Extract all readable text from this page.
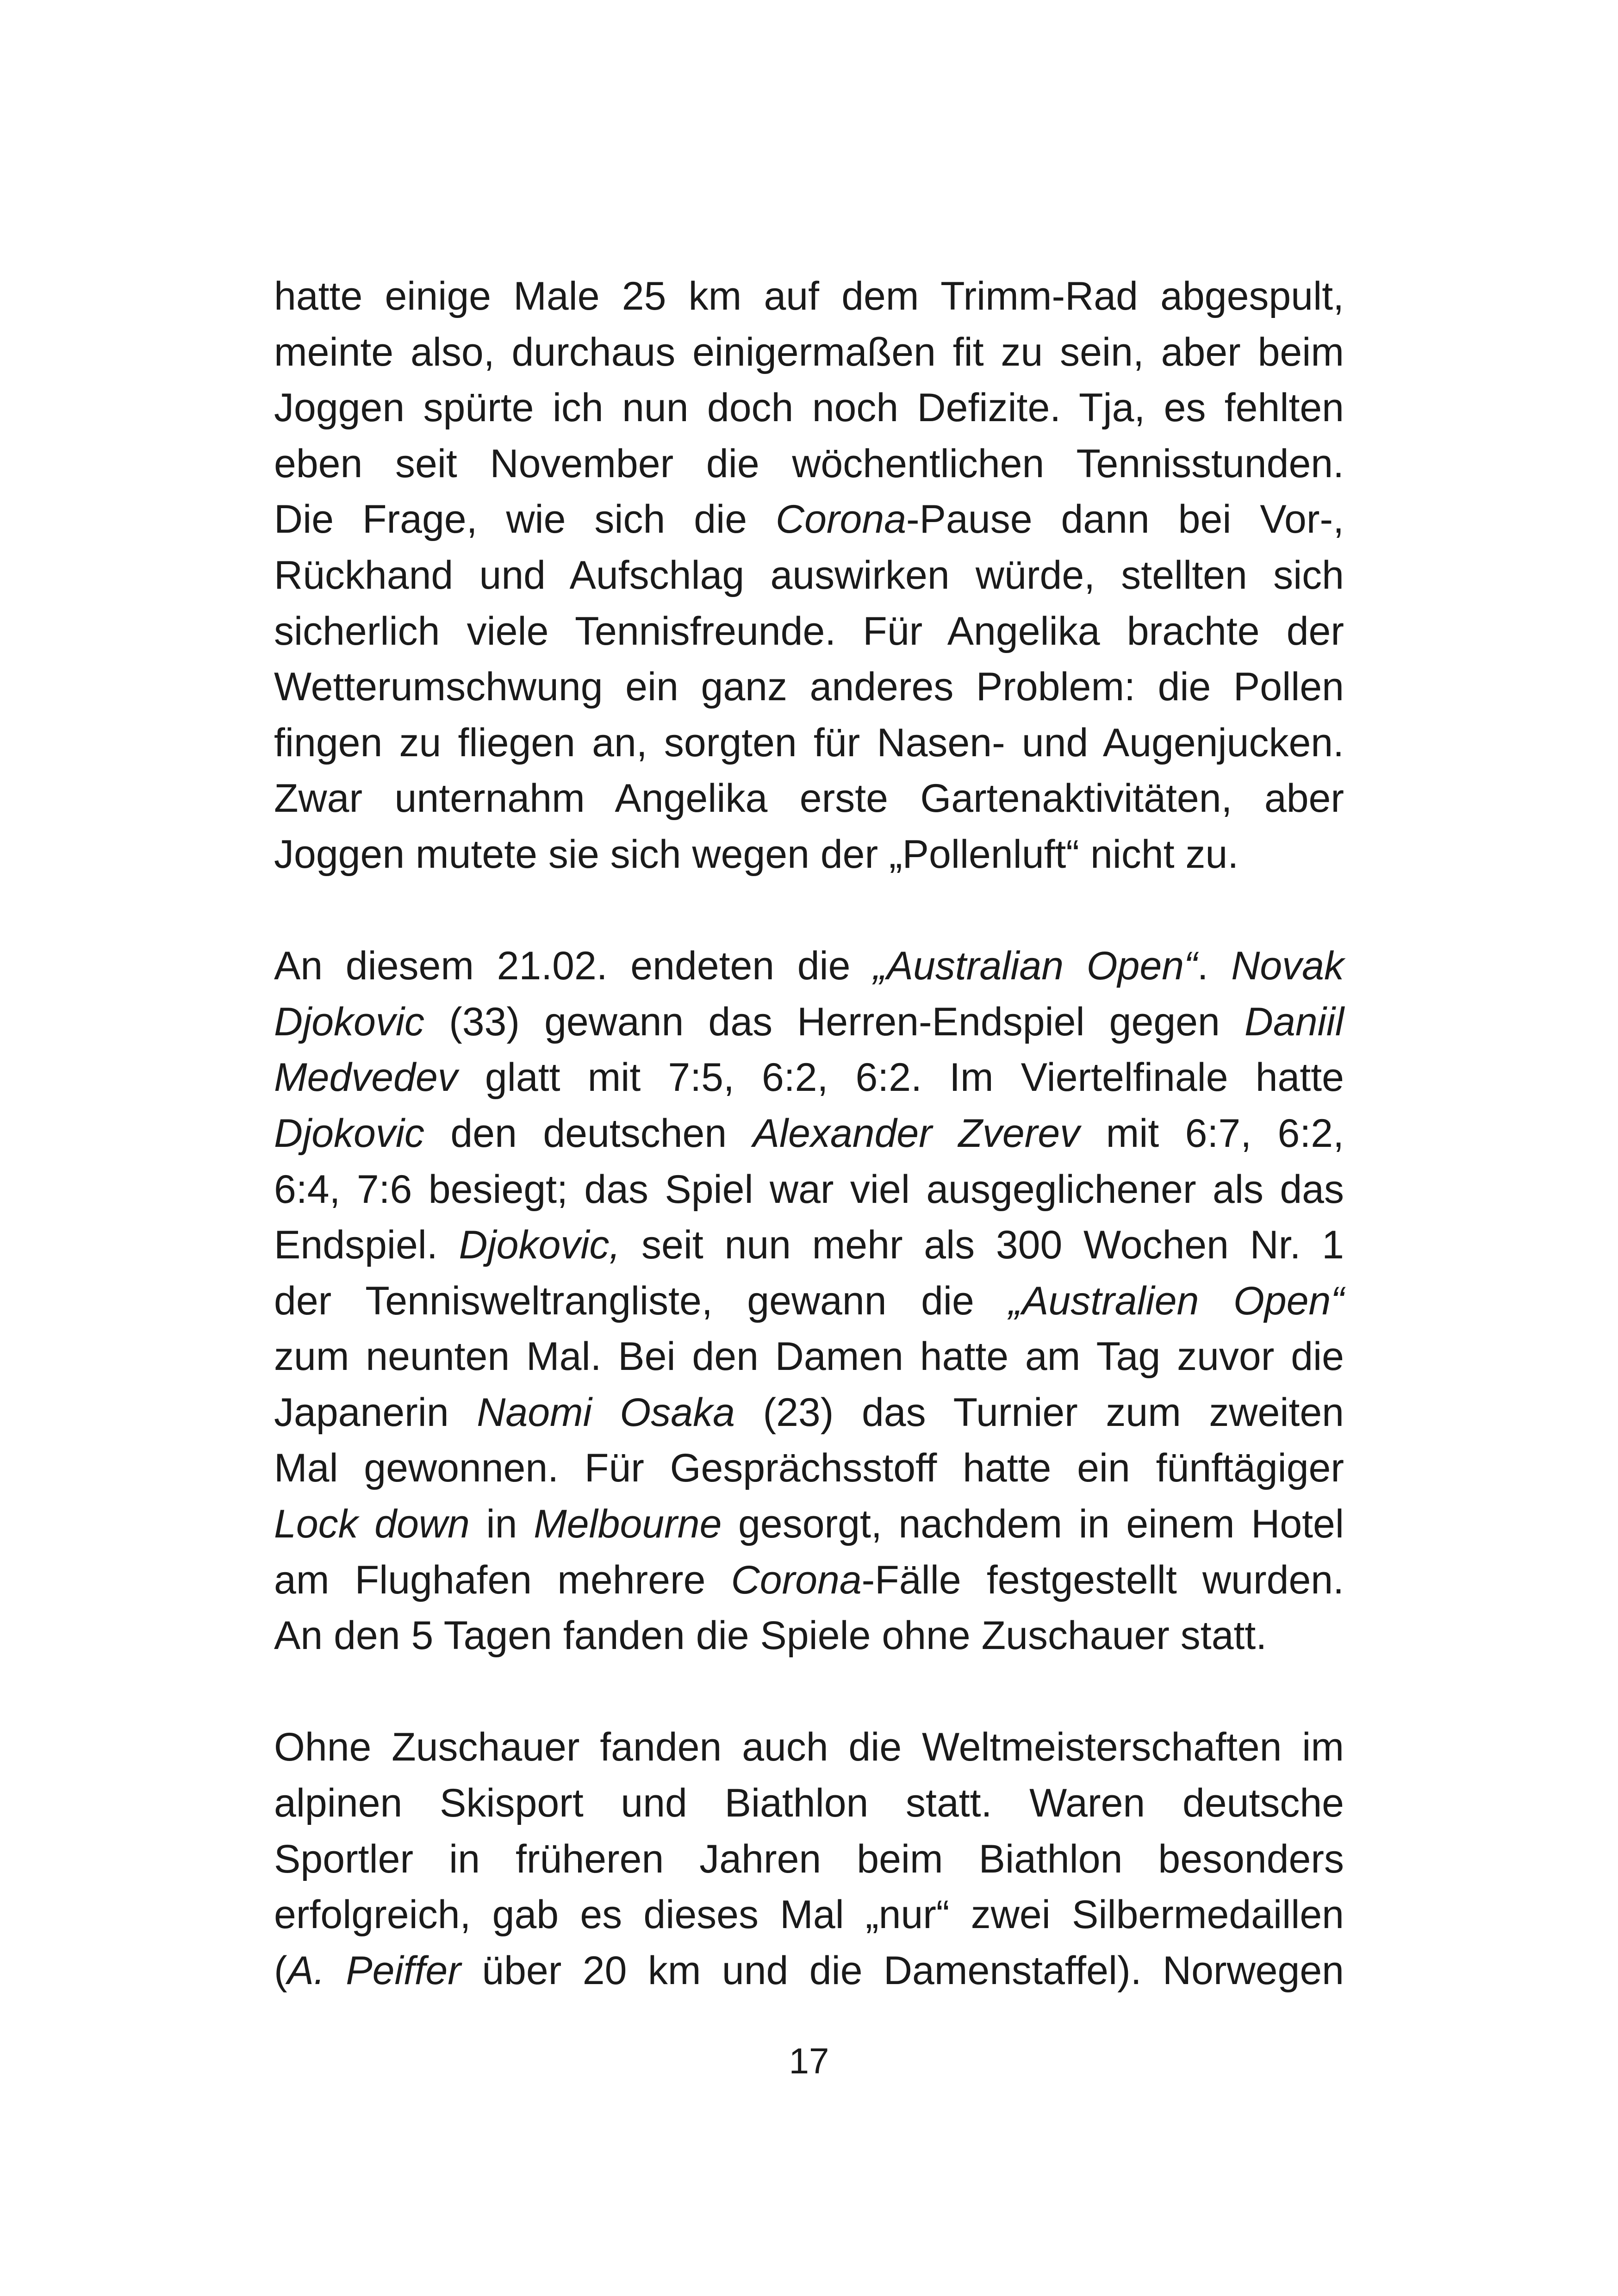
hatte einige Male 25 km auf dem Trimm-Rad abgespult,
meinte also, durchaus einigermaßen fit zu sein, aber beim
Joggen spürte ich nun doch noch Defizite. Tja, es fehlten
eben seit November die wöchentlichen Tennisstunden.
Die Frage, wie sich die Corona-Pause dann bei Vor-,
Rückhand und Aufschlag auswirken würde, stellten sich
sicherlich viele Tennisfreunde. Für Angelika brachte der
Wetterumschwung ein ganz anderes Problem: die Pollen
fingen zu fliegen an, sorgten für Nasen- und Augenjucken.
Zwar unternahm Angelika erste Gartenaktivitäten, aber
Joggen mutete sie sich wegen der „Pollenluft“ nicht zu.

An diesem 21.02. endeten die „Australian Open“. Novak
Djokovic (33) gewann das Herren-Endspiel gegen Daniil
Medvedev glatt mit 7:5, 6:2, 6:2. Im Viertelfinale hatte
Djokovic den deutschen Alexander Zverev mit 6:7, 6:2,
6:4, 7:6 besiegt; das Spiel war viel ausgeglichener als das
Endspiel. Djokovic, seit nun mehr als 300 Wochen Nr. 1
der Tennisweltrangliste, gewann die „Australien Open“
zum neunten Mal. Bei den Damen hatte am Tag zuvor die
Japanerin Naomi Osaka (23) das Turnier zum zweiten
Mal gewonnen. Für Gesprächsstoff hatte ein fünftägiger
Lock down in Melbourne gesorgt, nachdem in einem Hotel
am Flughafen mehrere Corona-Fälle festgestellt wurden.
An den 5 Tagen fanden die Spiele ohne Zuschauer statt.

Ohne Zuschauer fanden auch die Weltmeisterschaften im
alpinen Skisport und Biathlon statt. Waren deutsche
Sportler in früheren Jahren beim Biathlon besonders
erfolgreich, gab es dieses Mal „nur“ zwei Silbermedaillen
(A. Peiffer über 20 km und die Damenstaffel). Norwegen

17
